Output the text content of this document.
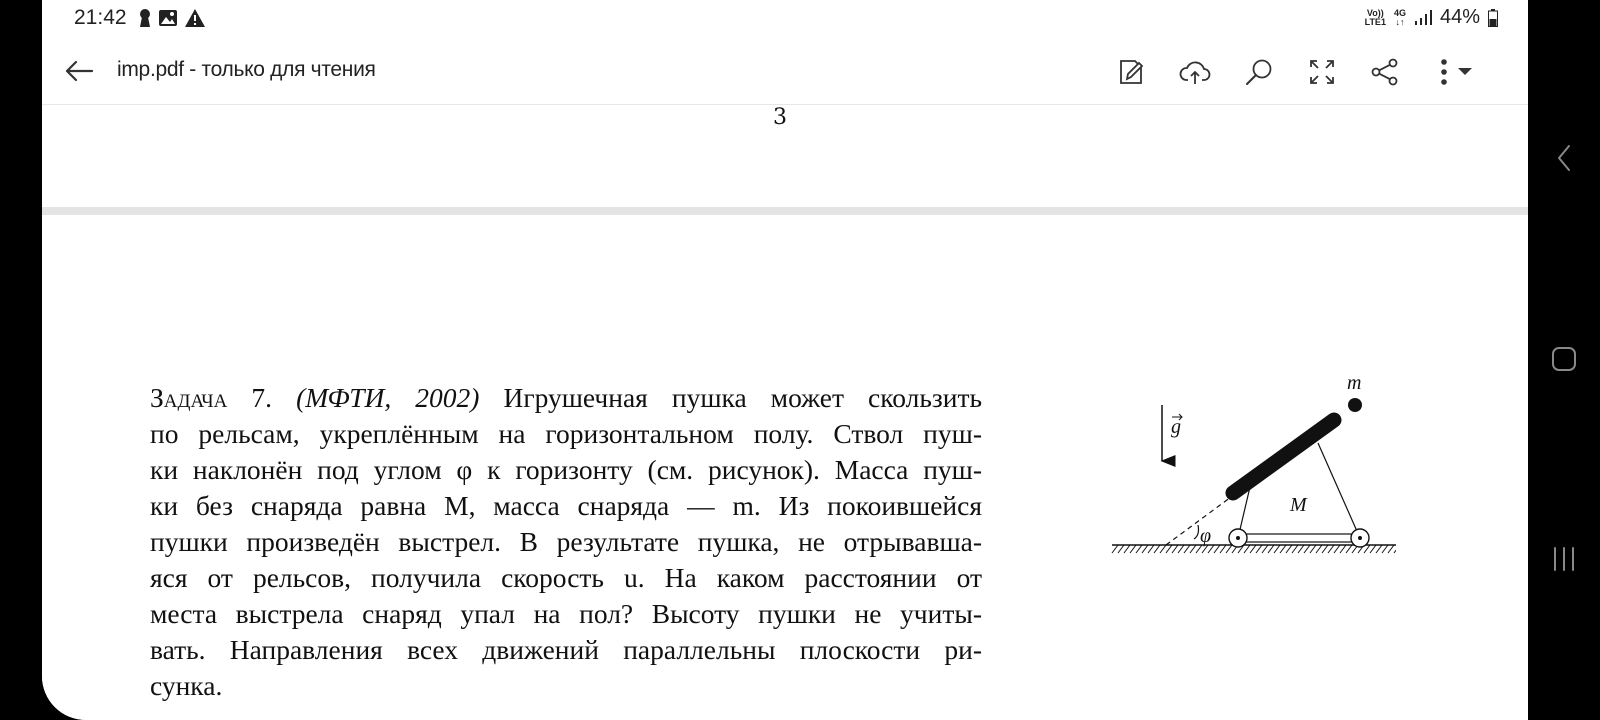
21:42	Vo))
LTE1
4G
↓↑ 44%
imp.pdf - только для чтения
3
Задача 7. (МФТИ, 2002) Игрушечная пушка может скользить
по рельсам, укреплённым на горизонтальном полу. Ствол пуш-
ки наклонён под углом φ к горизонту (см. рисунок). Масса пуш-
ки без снаряда равна M, масса снаряда — m. Из покоившейся
пушки произведён выстрел. В результате пушка, не отрывавша-
яся от рельсов, получила скорость u. На каком расстоянии от
места выстрела снаряд упал на пол? Высоту пушки не учиты-
вать. Направления всех движений параллельны плоскости ри-
сунка.
g
φ
m
M
